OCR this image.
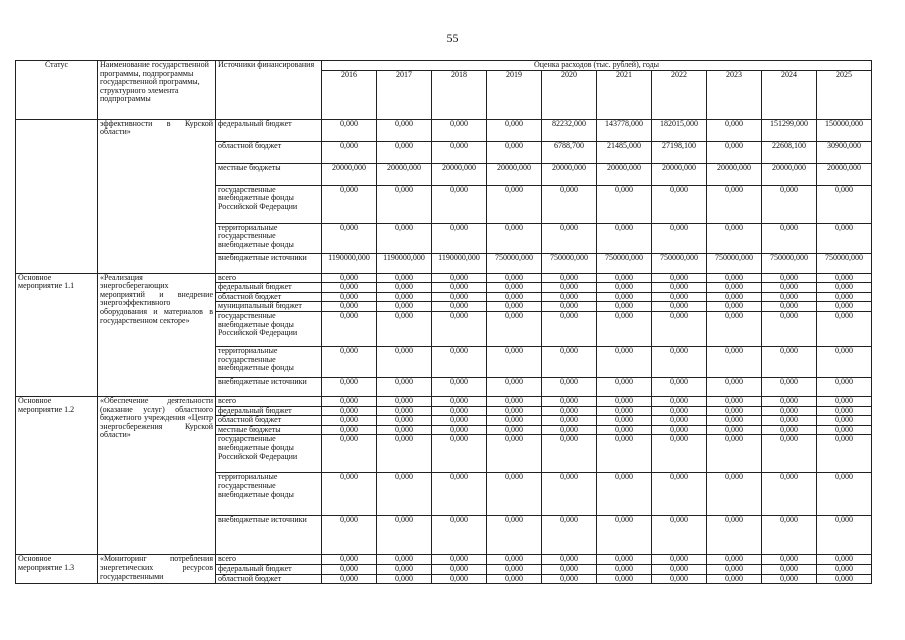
55
Статус	Наименование государственной программы, подпрограммы государственной программы, структурного элемента подпрограммы	Источники финансирования	Оценка расходов (тыс. рублей), годы									
			2016	2017	2018	2019	2020	2021	2022	2023	2024	2025
	эффективности в Курской области»	федеральный бюджет	0,000	0,000	0,000	0,000	82232,000	143778,000	182015,000	0,000	151299,000	150000,000
		областной бюджет	0,000	0,000	0,000	0,000	6788,700	21485,000	27198,100	0,000	22608,100	30900,000
		местные бюджеты	20000,000	20000,000	20000,000	20000,000	20000,000	20000,000	20000,000	20000,000	20000,000	20000,000
		государственные внебюджетные фонды Российской Федерации	0,000	0,000	0,000	0,000	0,000	0,000	0,000	0,000	0,000	0,000
		территориальные государственные внебюджетные фонды	0,000	0,000	0,000	0,000	0,000	0,000	0,000	0,000	0,000	0,000
		внебюджетные источники	1190000,000	1190000,000	1190000,000	750000,000	750000,000	750000,000	750000,000	750000,000	750000,000	750000,000
Основное мероприятие 1.1	«Реализация энергосберегающих мероприятий и внедрение энергоэффективного оборудования и материалов в государственном секторе»	всего	0,000	0,000	0,000	0,000	0,000	0,000	0,000	0,000	0,000	0,000
		федеральный бюджет	0,000	0,000	0,000	0,000	0,000	0,000	0,000	0,000	0,000	0,000
		областной бюджет	0,000	0,000	0,000	0,000	0,000	0,000	0,000	0,000	0,000	0,000
		муниципальный бюджет	0,000	0,000	0,000	0,000	0,000	0,000	0,000	0,000	0,000	0,000
		государственные внебюджетные фонды Российской Федерации	0,000	0,000	0,000	0,000	0,000	0,000	0,000	0,000	0,000	0,000
		территориальные государственные внебюджетные фонды	0,000	0,000	0,000	0,000	0,000	0,000	0,000	0,000	0,000	0,000
		внебюджетные источники	0,000	0,000	0,000	0,000	0,000	0,000	0,000	0,000	0,000	0,000
Основное мероприятие 1.2	«Обеспечение деятельности (оказание услуг) областного бюджетного учреждения «Центр энергосбережения Курской области»	всего	0,000	0,000	0,000	0,000	0,000	0,000	0,000	0,000	0,000	0,000
		федеральный бюджет	0,000	0,000	0,000	0,000	0,000	0,000	0,000	0,000	0,000	0,000
		областной бюджет	0,000	0,000	0,000	0,000	0,000	0,000	0,000	0,000	0,000	0,000
		местные бюджеты	0,000	0,000	0,000	0,000	0,000	0,000	0,000	0,000	0,000	0,000
		государственные внебюджетные фонды Российской Федерации	0,000	0,000	0,000	0,000	0,000	0,000	0,000	0,000	0,000	0,000
		территориальные государственные внебюджетные фонды	0,000	0,000	0,000	0,000	0,000	0,000	0,000	0,000	0,000	0,000
		внебюджетные источники	0,000	0,000	0,000	0,000	0,000	0,000	0,000	0,000	0,000	0,000
Основное мероприятие 1.3	«Мониторинг потребления энергетических ресурсов государственными	всего	0,000	0,000	0,000	0,000	0,000	0,000	0,000	0,000	0,000	0,000
		федеральный бюджет	0,000	0,000	0,000	0,000	0,000	0,000	0,000	0,000	0,000	0,000
		областной бюджет	0,000	0,000	0,000	0,000	0,000	0,000	0,000	0,000	0,000	0,000
